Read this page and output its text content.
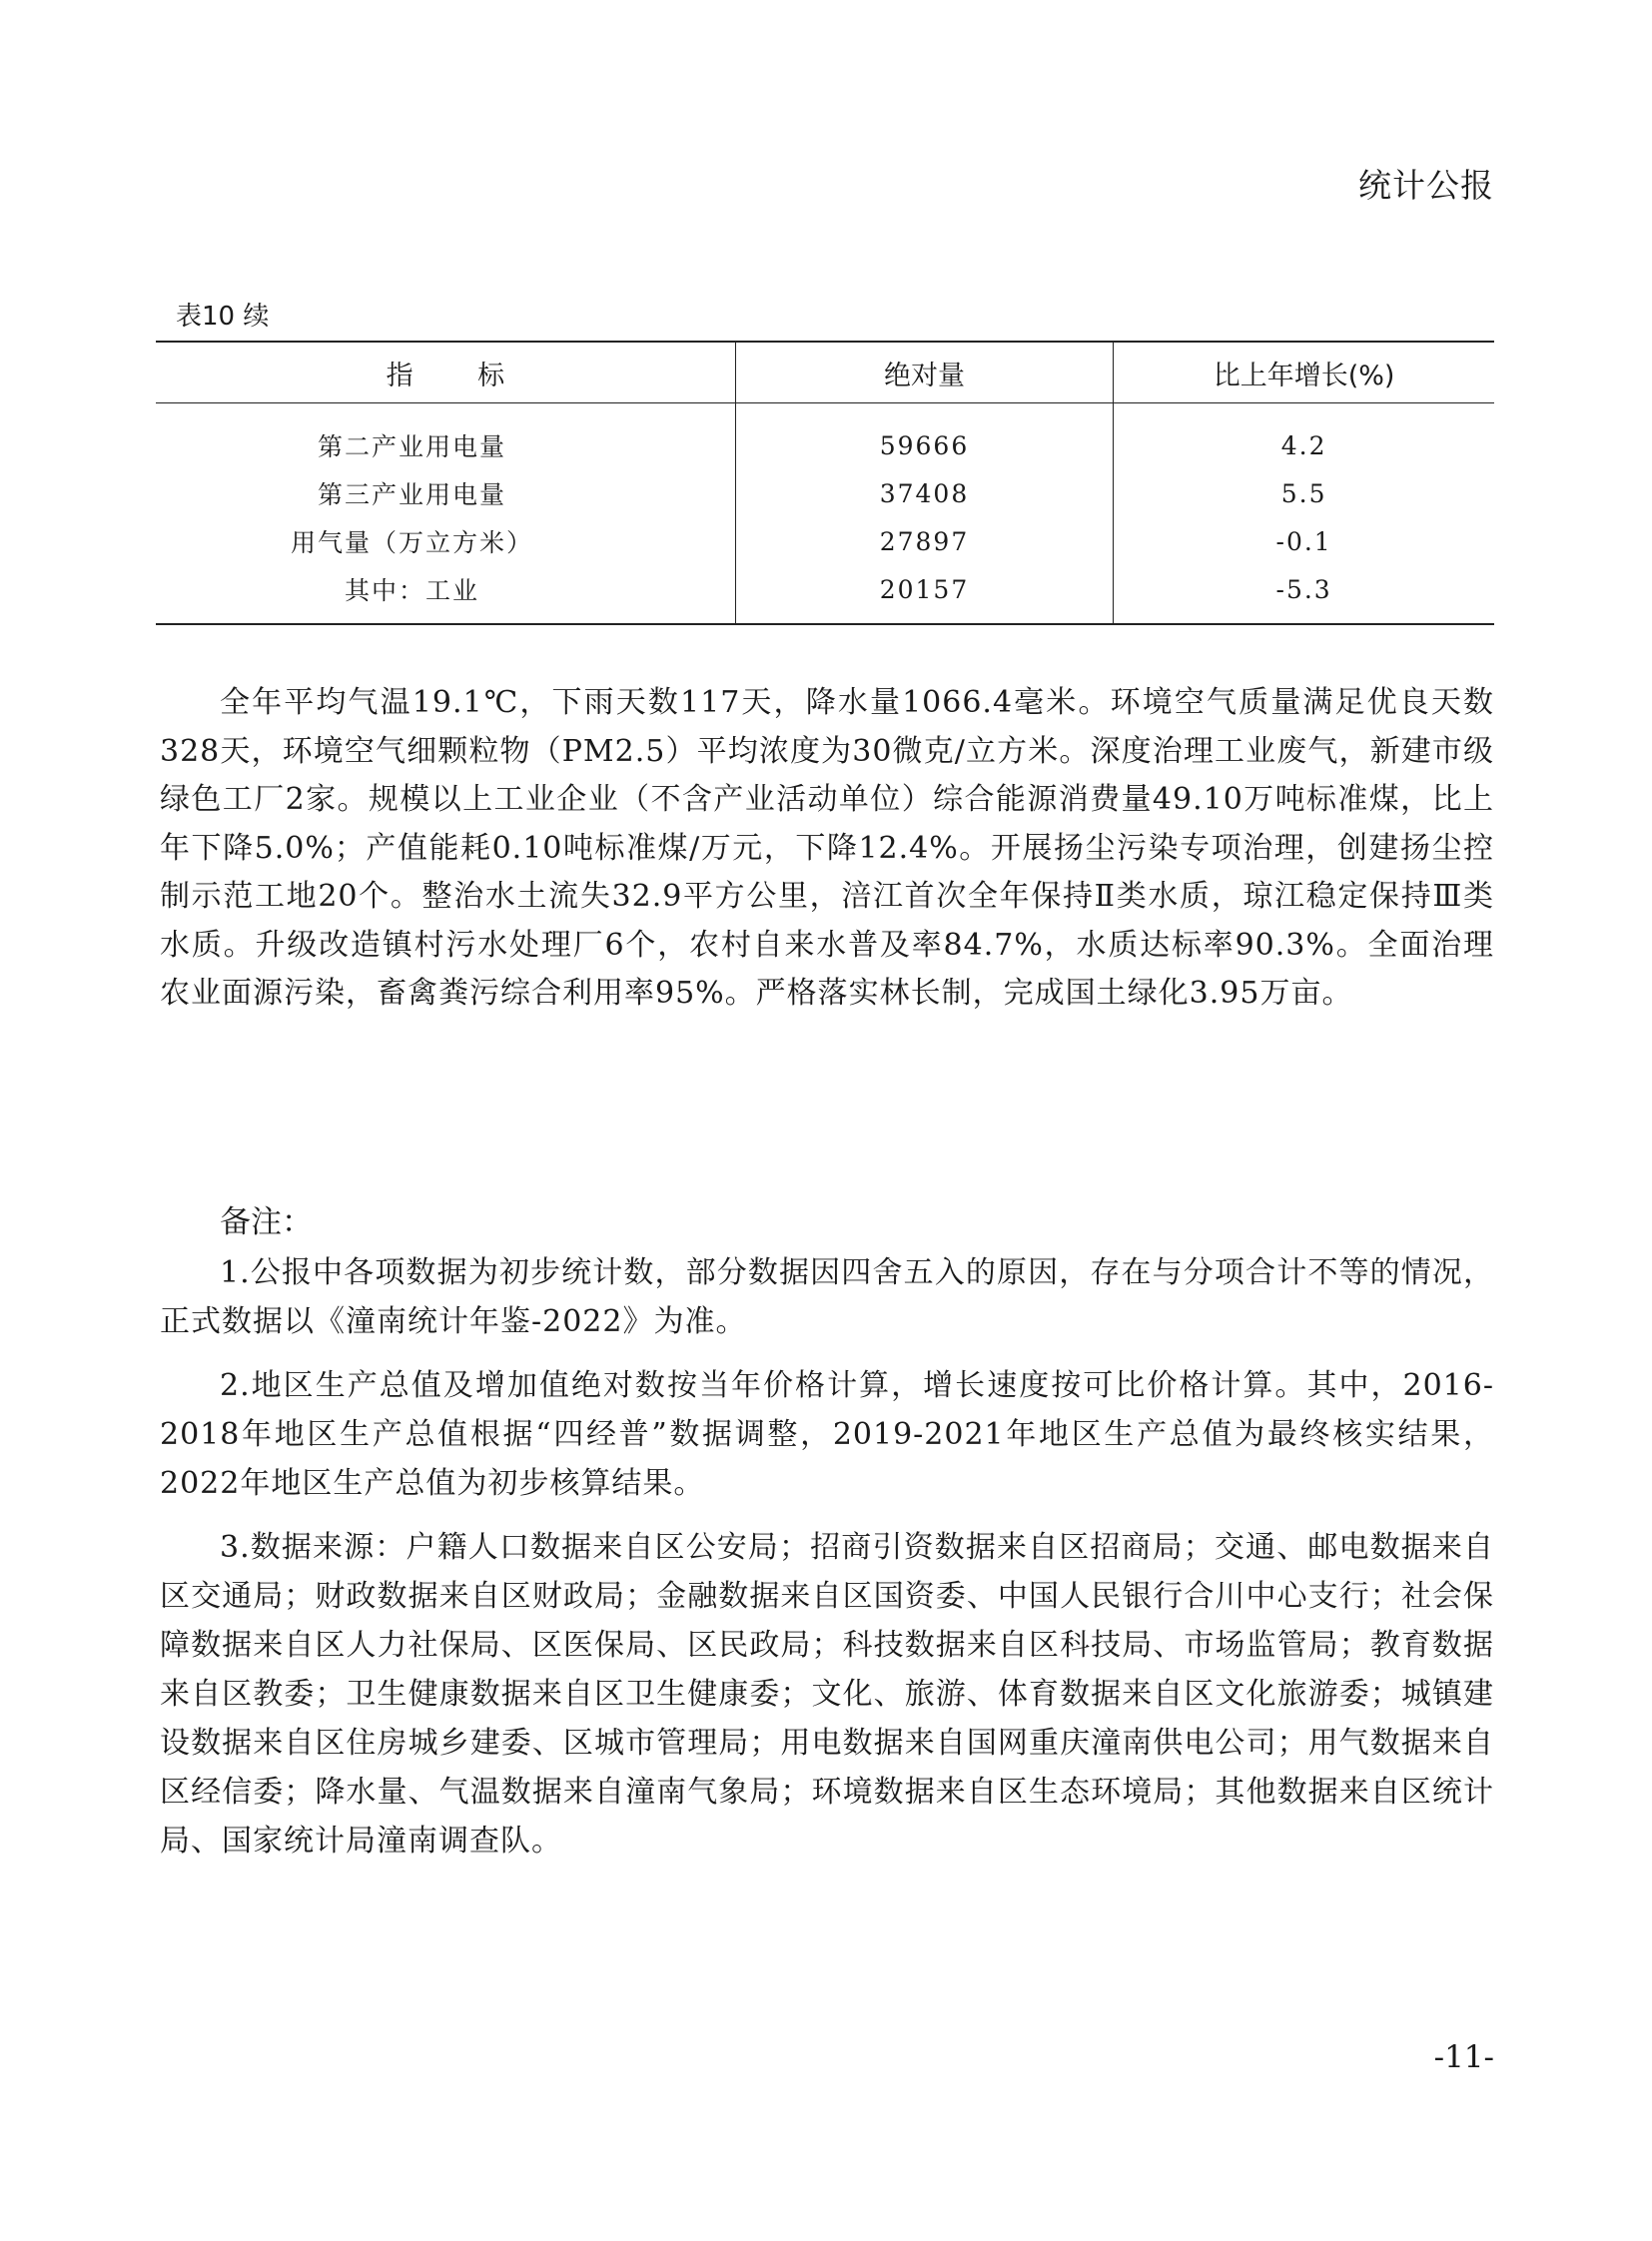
统计公报
表10 续
指 标	绝对量	比上年增长(%)
第二产业用电量	59666	4.2
第三产业用电量	37408	5.5
用气量（万立方米）	27897	-0.1
其中：工业	20157	-5.3

全年平均气温19.1℃，下雨天数117天，降水量1066.4毫米。环境空气质量满足优良天数328天，环境空气细颗粒物（PM2.5）平均浓度为30微克/立方米。深度治理工业废气，新建市级绿色工厂2家。规模以上工业企业（不含产业活动单位）综合能源消费量49.10万吨标准煤，比上年下降5.0%；产值能耗0.10吨标准煤/万元，下降12.4%。开展扬尘污染专项治理，创建扬尘控制示范工地20个。整治水土流失32.9平方公里，涪江首次全年保持Ⅱ类水质，琼江稳定保持Ⅲ类水质。升级改造镇村污水处理厂6个，农村自来水普及率84.7%，水质达标率90.3%。全面治理农业面源污染，畜禽粪污综合利用率95%。严格落实林长制，完成国土绿化3.95万亩。

备注：

1.公报中各项数据为初步统计数，部分数据因四舍五入的原因，存在与分项合计不等的情况，正式数据以《潼南统计年鉴-2022》为准。

2.地区生产总值及增加值绝对数按当年价格计算，增长速度按可比价格计算。其中，2016-2018年地区生产总值根据“四经普”数据调整，2019-2021年地区生产总值为最终核实结果，2022年地区生产总值为初步核算结果。

3.数据来源：户籍人口数据来自区公安局；招商引资数据来自区招商局；交通、邮电数据来自区交通局；财政数据来自区财政局；金融数据来自区国资委、中国人民银行合川中心支行；社会保障数据来自区人力社保局、区医保局、区民政局；科技数据来自区科技局、市场监管局；教育数据来自区教委；卫生健康数据来自区卫生健康委；文化、旅游、体育数据来自区文化旅游委；城镇建设数据来自区住房城乡建委、区城市管理局；用电数据来自国网重庆潼南供电公司；用气数据来自区经信委；降水量、气温数据来自潼南气象局；环境数据来自区生态环境局；其他数据来自区统计局、国家统计局潼南调查队。

-11-
